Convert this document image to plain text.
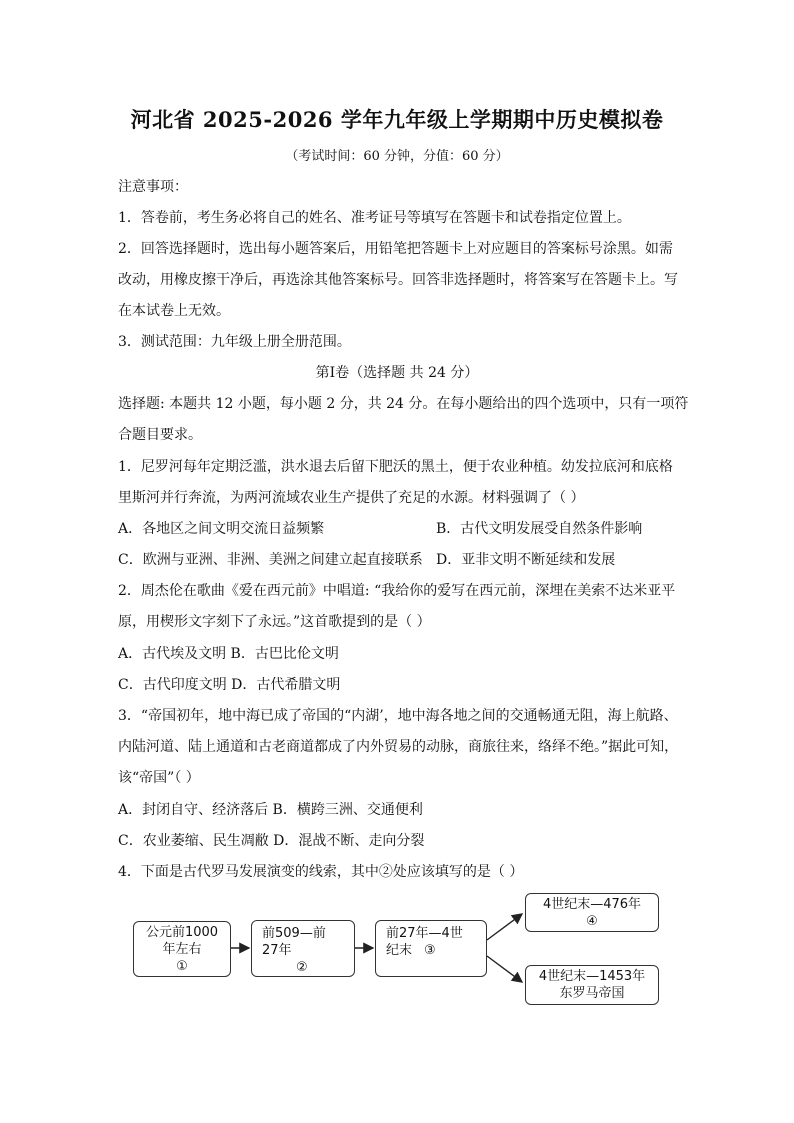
河北省 2025-2026 学年九年级上学期期中历史模拟卷
（考试时间：60 分钟，分值：60 分）
注意事项：
1．答卷前，考生务必将自己的姓名、准考证号等填写在答题卡和试卷指定位置上。
2．回答选择题时，选出每小题答案后，用铅笔把答题卡上对应题目的答案标号涂黑。如需
改动，用橡皮擦干净后，再选涂其他答案标号。回答非选择题时，将答案写在答题卡上。写
在本试卷上无效。
3．测试范围：九年级上册全册范围。
第Ⅰ卷（选择题 共 24 分）
选择题: 本题共 12 小题，每小题 2 分，共 24 分。在每小题给出的四个选项中，只有一项符
合题目要求。
1．尼罗河每年定期泛滥，洪水退去后留下肥沃的黑土，便于农业种植。幼发拉底河和底格
里斯河并行奔流，为两河流域农业生产提供了充足的水源。材料强调了（ ）
A．各地区之间文明交流日益频繁	B．古代文明发展受自然条件影响
C．欧洲与亚洲、非洲、美洲之间建立起直接联系 D．亚非文明不断延续和发展
2．周杰伦在歌曲《爱在西元前》中唱道: “我给你的爱写在西元前，深埋在美索不达米亚平
原，用楔形文字刻下了永远。”这首歌提到的是（ ）
A．古代埃及文明 B．古巴比伦文明
C．古代印度文明 D．古代希腊文明
3．“帝国初年，地中海已成了帝国的“内湖’，地中海各地之间的交通畅通无阻，海上航路、
内陆河道、陆上通道和古老商道都成了内外贸易的动脉，商旅往来，络绎不绝。”据此可知，
该“帝国”（ ）
A．封闭自守、经济落后 B．横跨三洲、交通便利
C．农业萎缩、民生凋敝 D．混战不断、走向分裂
4．下面是古代罗马发展演变的线索，其中②处应该填写的是（ ）
公元前1000
年左右
①
前509—前
27年
②
前27年—4世
纪末 ③
4世纪末—476年
④
4世纪末—1453年
东罗马帝国
